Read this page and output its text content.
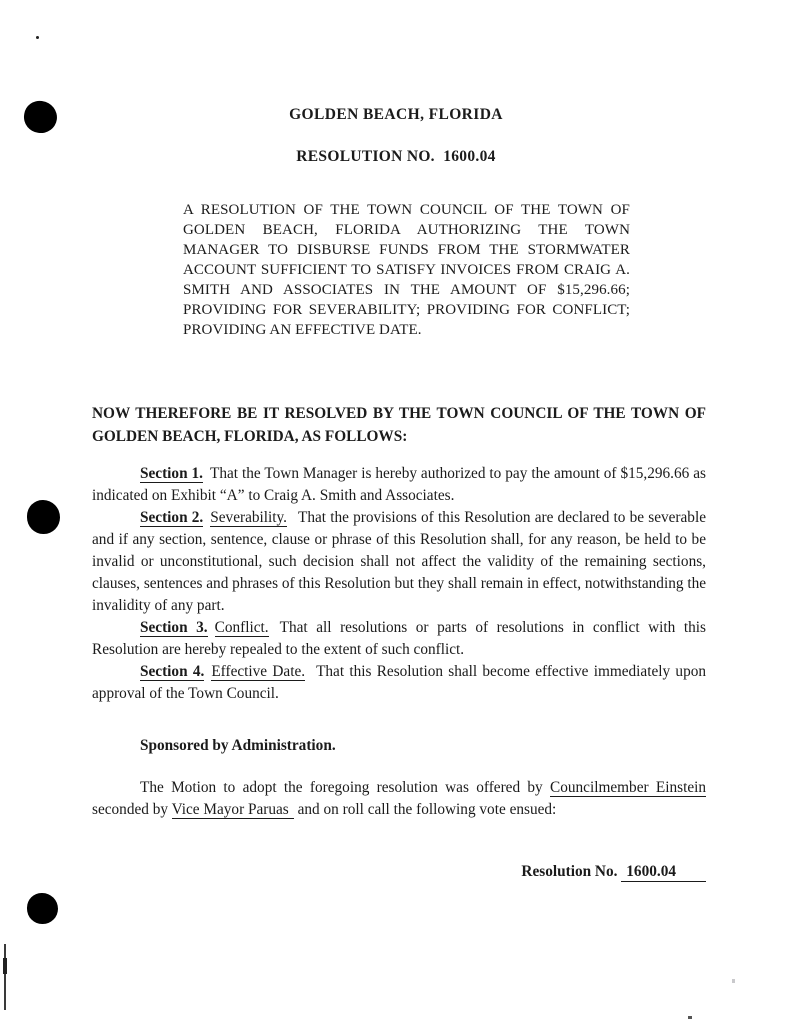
GOLDEN BEACH, FLORIDA
RESOLUTION NO.  1600.04

A RESOLUTION OF THE TOWN COUNCIL OF THE TOWN OF GOLDEN BEACH, FLORIDA AUTHORIZING THE TOWN MANAGER TO DISBURSE FUNDS FROM THE STORMWATER ACCOUNT SUFFICIENT TO SATISFY INVOICES FROM CRAIG A. SMITH AND ASSOCIATES IN THE AMOUNT OF $15,296.66; PROVIDING FOR SEVERABILITY; PROVIDING FOR CONFLICT; PROVIDING AN EFFECTIVE DATE.

NOW THEREFORE BE IT RESOLVED BY THE TOWN COUNCIL OF THE TOWN OF GOLDEN BEACH, FLORIDA, AS FOLLOWS:

Section 1. That the Town Manager is hereby authorized to pay the amount of $15,296.66 as indicated on Exhibit “A” to Craig A. Smith and Associates.

Section 2. Severability. That the provisions of this Resolution are declared to be severable and if any section, sentence, clause or phrase of this Resolution shall, for any reason, be held to be invalid or unconstitutional, such decision shall not affect the validity of the remaining sections, clauses, sentences and phrases of this Resolution but they shall remain in effect, notwithstanding the invalidity of any part.

Section 3. Conflict. That all resolutions or parts of resolutions in conflict with this Resolution are hereby repealed to the extent of such conflict.

Section 4. Effective Date. That this Resolution shall become effective immediately upon approval of the Town Council.

Sponsored by Administration.

The Motion to adopt the foregoing resolution was offered by Councilmember Einstein seconded by Vice Mayor Paruas and on roll call the following vote ensued:

Resolution No. 1600.04
